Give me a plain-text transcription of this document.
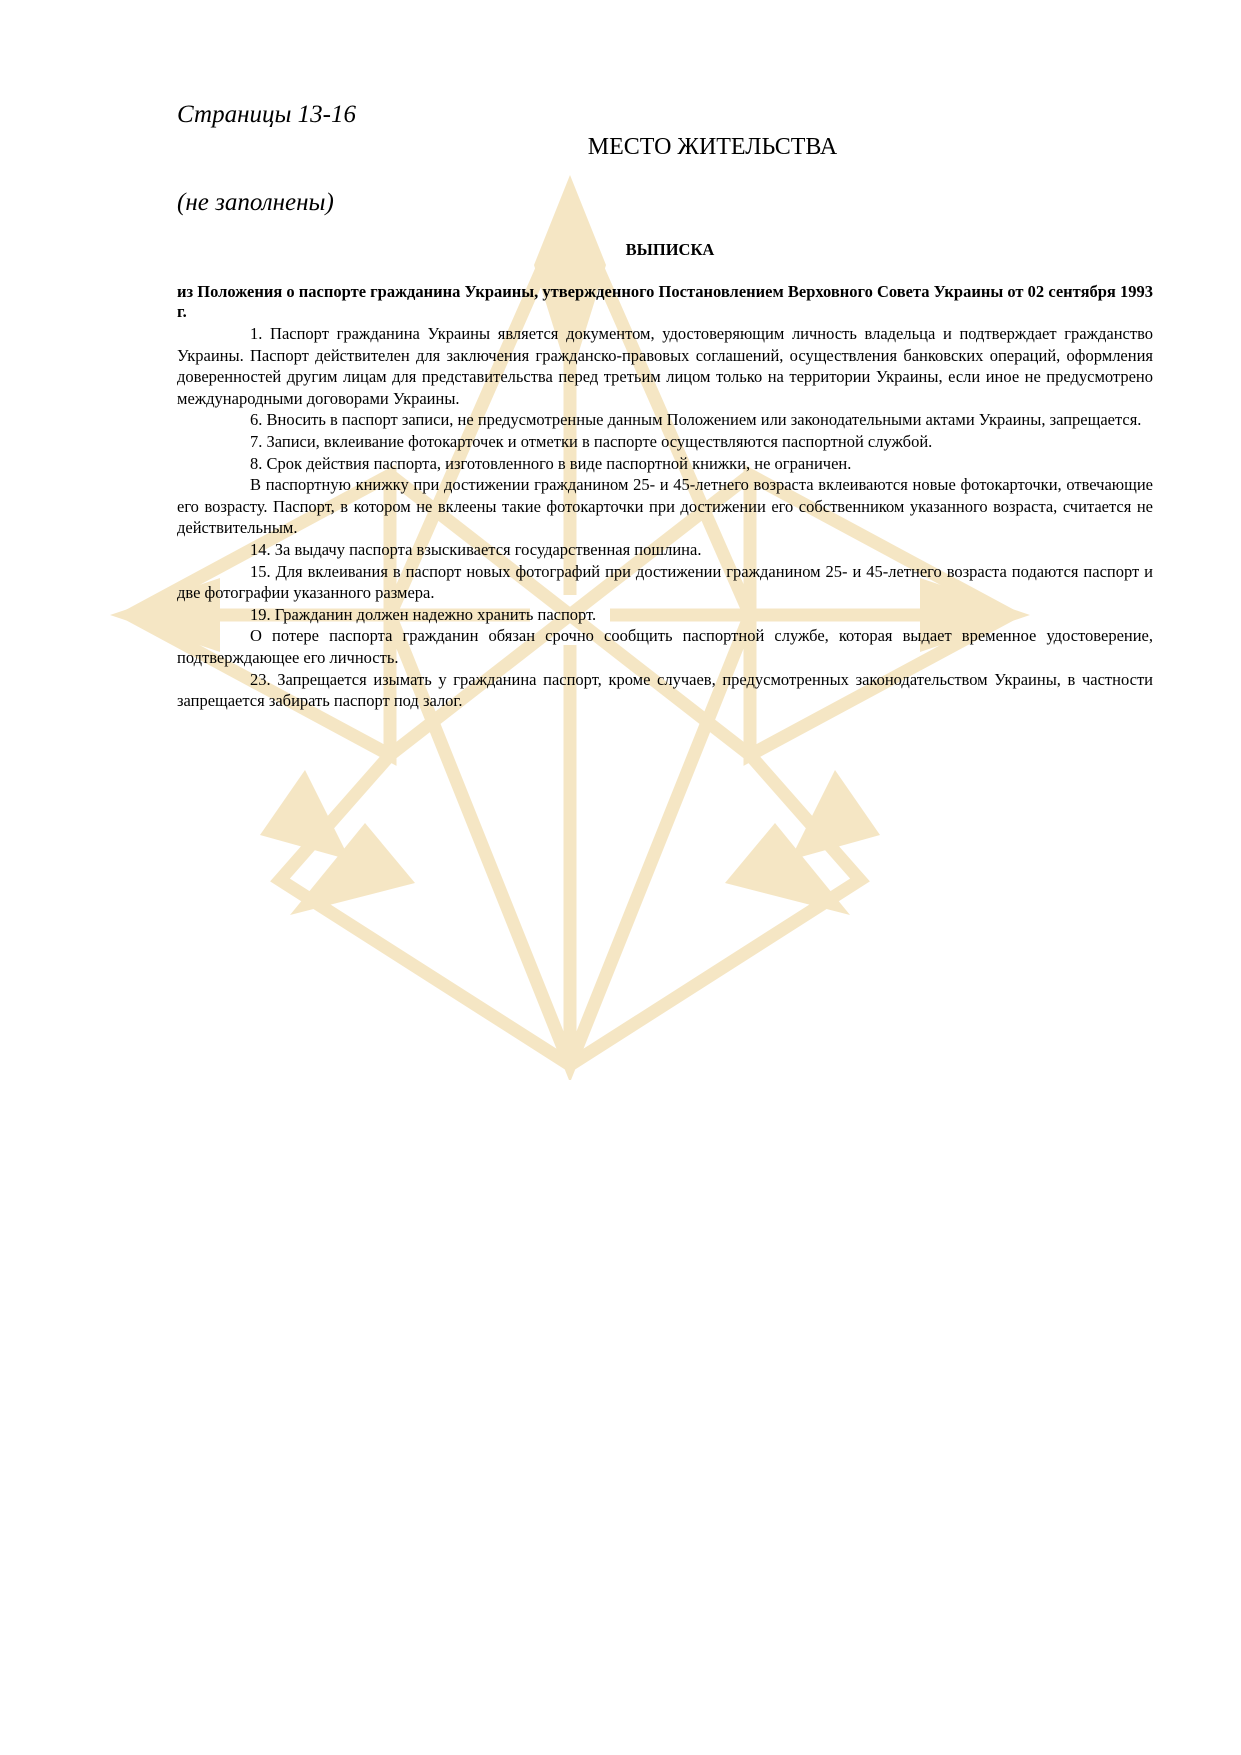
Страницы 13-16

МЕСТО ЖИТЕЛЬСТВА

(не заполнены)

ВЫПИСКА

из Положения о паспорте гражданина Украины, утвержденного Постановлением Верховного Совета Украины от 02 сентября 1993 г.

1. Паспорт гражданина Украины является документом, удостоверяющим личность владельца и подтверждает гражданство Украины. Паспорт действителен для заключения гражданско-правовых соглашений, осуществления банковских операций, оформления доверенностей другим лицам для представительства перед третьим лицом только на территории Украины, если иное не предусмотрено международными договорами Украины.

6. Вносить в паспорт записи, не предусмотренные данным Положением или законодательными актами Украины, запрещается.

7. Записи, вклеивание фотокарточек и отметки в паспорте осуществляются паспортной службой.

8. Срок действия паспорта, изготовленного в виде паспортной книжки, не ограничен.

В паспортную книжку при достижении гражданином 25- и 45-летнего возраста вклеиваются новые фотокарточки, отвечающие его возрасту. Паспорт, в котором не вклеены такие фотокарточки при достижении его собственником указанного возраста, считается не действительным.

14. За выдачу паспорта взыскивается государственная пошлина.

15. Для вклеивания в паспорт новых фотографий при достижении гражданином 25- и 45-летнего возраста подаются паспорт и две фотографии указанного размера.

19. Гражданин должен надежно хранить паспорт.

О потере паспорта гражданин обязан срочно сообщить паспортной службе, которая выдает временное удостоверение, подтверждающее его личность.

23. Запрещается изымать у гражданина паспорт, кроме случаев, предусмотренных законодательством Украины, в частности запрещается забирать паспорт под залог.
